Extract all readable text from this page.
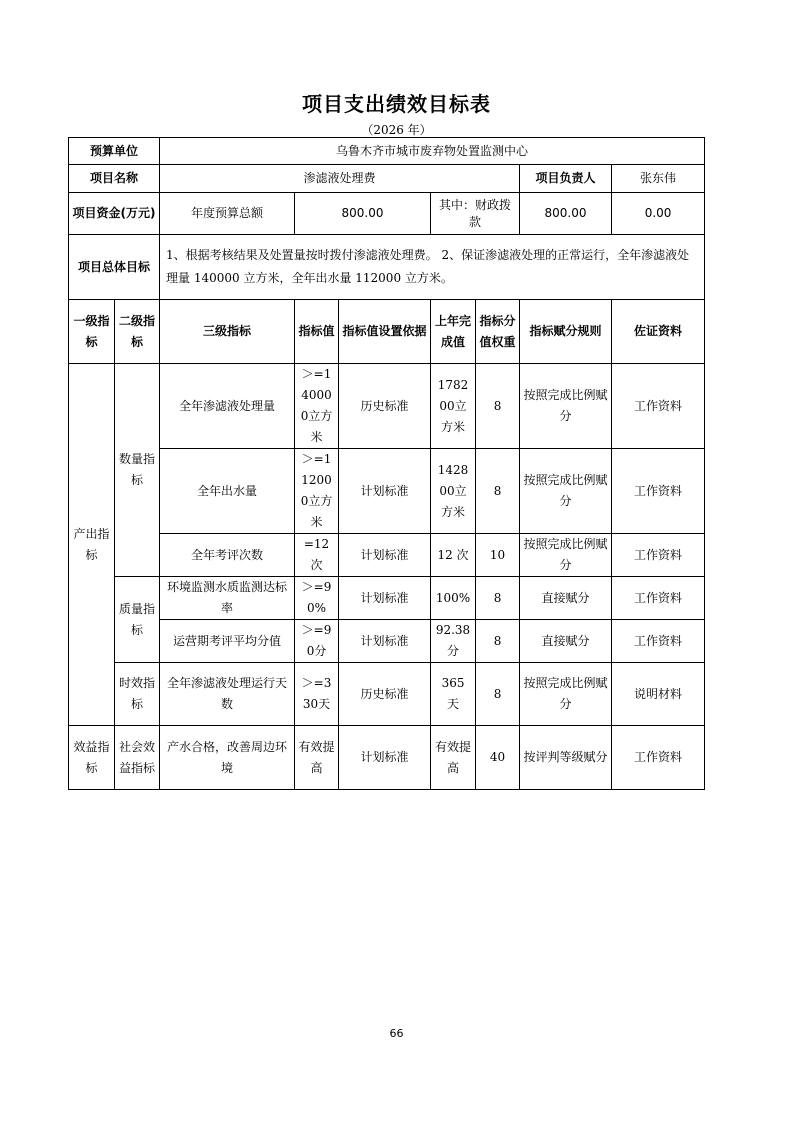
项目支出绩效目标表
（2026 年）
预算单位		乌鲁木齐市城市废弃物处置监测中心						
项目名称		渗滤液处理费					项目负责人	张东伟
项目资金(万元)		年度预算总额	800.00		其中：财政拨款		800.00	0.00
项目总体目标		1、根据考核结果及处置量按时拨付渗滤液处理费。 2、保证渗滤液处理的正常运行，全年渗滤液处理量 140000 立方米，全年出水量 112000 立方米。						
一级指标	二级指标	三级指标	指标值	指标值设置依据	上年完成值	指标分值权重	指标赋分规则	佐证资料
产出指标	数量指标	全年渗滤液处理量	＞=140000立方米	历史标准	178200立方米	8	按照完成比例赋分	工作资料
		全年出水量	＞=112000立方米	计划标准	142800立方米	8	按照完成比例赋分	工作资料
		全年考评次数	=12 次	计划标准	12 次	10	按照完成比例赋分	工作资料
	质量指标	环境监测水质监测达标率	＞=90%	计划标准	100%	8	直接赋分	工作资料
		运营期考评平均分值	＞=90分	计划标准	92.38分	8	直接赋分	工作资料
	时效指标	全年渗滤液处理运行天数	＞=330天	历史标准	365 天	8	按照完成比例赋分	说明材料
效益指标	社会效益指标	产水合格，改善周边环境	有效提高	计划标准	有效提高	40	按评判等级赋分	工作资料
66
